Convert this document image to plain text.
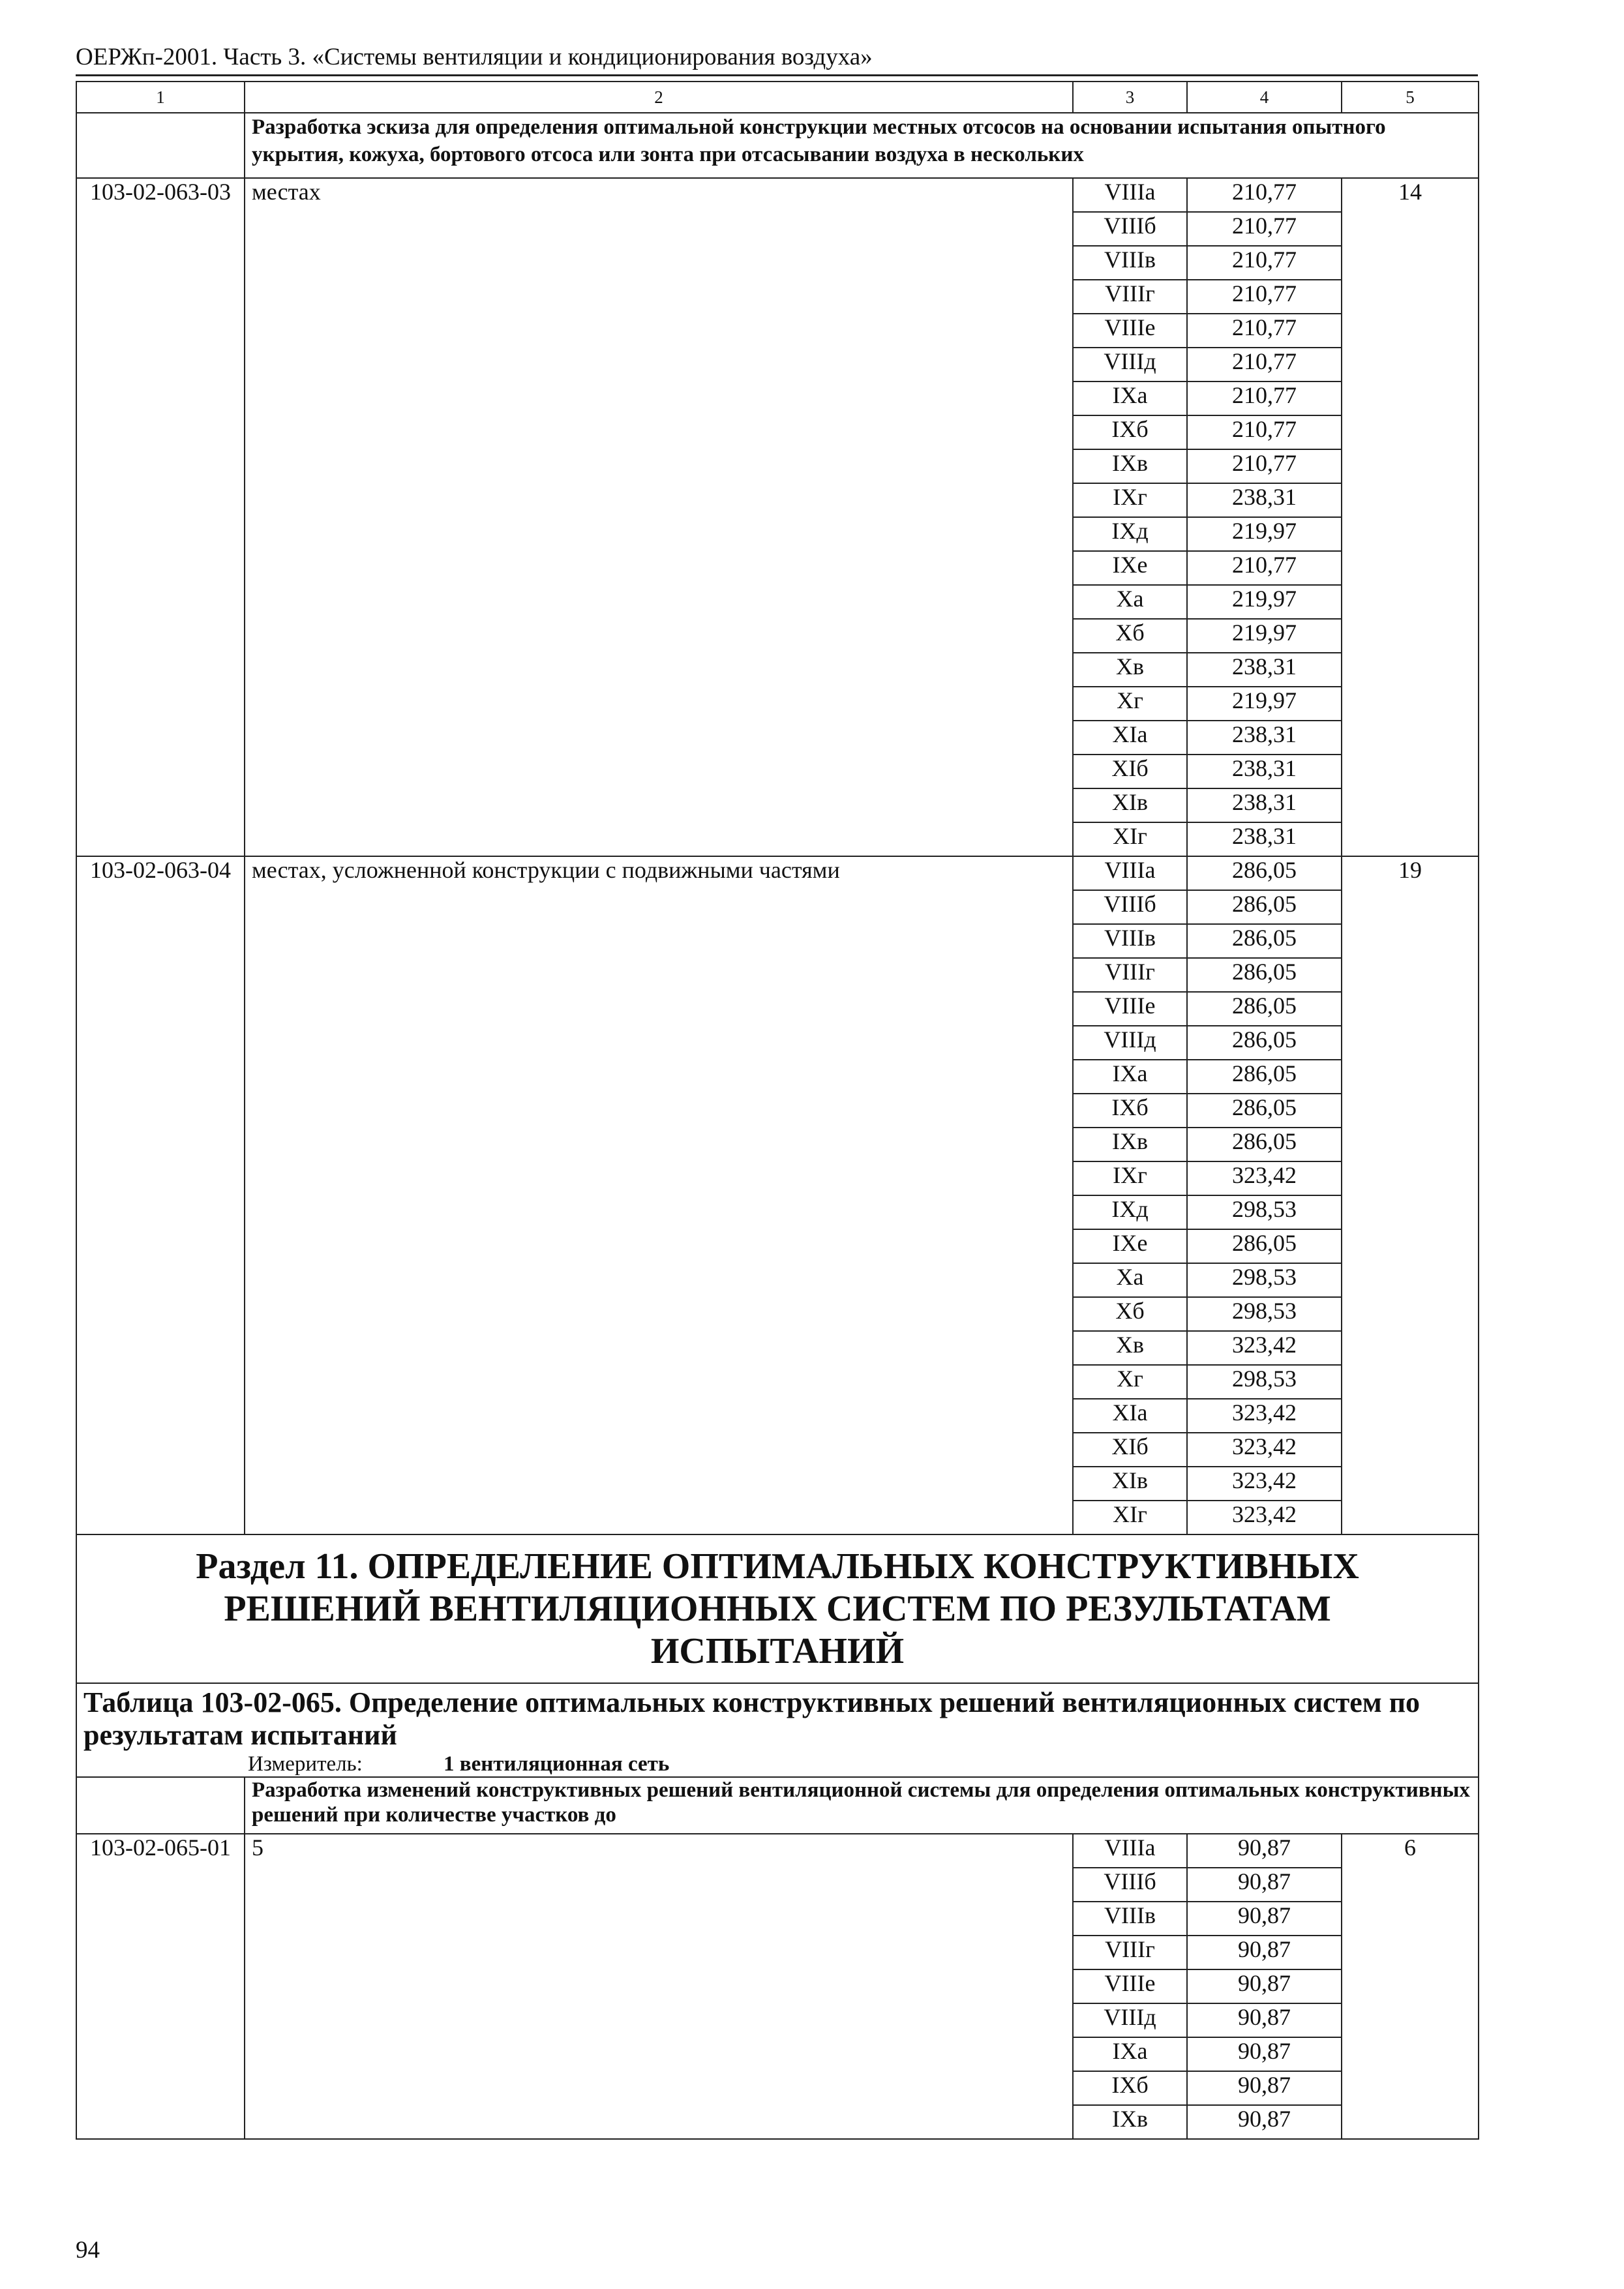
ОЕРЖп-2001. Часть 3. «Системы вентиляции и кондиционирования воздуха»
1	2	3	4	5
	Разработка эскиза для определения оптимальной конструкции местных отсосов на основании испытания опытного укрытия, кожуха, бортового отсоса или зонта при отсасывании воздуха в нескольких			
103-02-063-03	местах	VIIIa	210,77	14
		VIIIб	210,77	
		VIIIв	210,77	
		VIIIг	210,77	
		VIIIe	210,77	
		VIIIд	210,77	
		IXa	210,77	
		IXб	210,77	
		IXв	210,77	
		IXг	238,31	
		IXд	219,97	
		IXe	210,77	
		Xa	219,97	
		Xб	219,97	
		Xв	238,31	
		Xг	219,97	
		XIa	238,31	
		XIб	238,31	
		XIв	238,31	
		XIг	238,31	
103-02-063-04	местах, усложненной конструкции с подвижными частями	VIIIa	286,05	19
		VIIIб	286,05	
		VIIIв	286,05	
		VIIIг	286,05	
		VIIIe	286,05	
		VIIIд	286,05	
		IXa	286,05	
		IXб	286,05	
		IXв	286,05	
		IXг	323,42	
		IXд	298,53	
		IXe	286,05	
		Xa	298,53	
		Xб	298,53	
		Xв	323,42	
		Xг	298,53	
		XIa	323,42	
		XIб	323,42	
		XIв	323,42	
		XIг	323,42	
Раздел 11. ОПРЕДЕЛЕНИЕ ОПТИМАЛЬНЫХ КОНСТРУКТИВНЫХ РЕШЕНИЙ ВЕНТИЛЯЦИОННЫХ СИСТЕМ ПО РЕЗУЛЬТАТАМ ИСПЫТАНИЙ				
Таблица 103-02-065. Определение оптимальных конструктивных решений вентиляционных систем по результатам испытаний				
Измеритель: 1 вентиляционная сеть				
	Разработка изменений конструктивных решений вентиляционной системы для определения оптимальных конструктивных решений при количестве участков до			
103-02-065-01	5	VIIIa	90,87	6
		VIIIб	90,87	
		VIIIв	90,87	
		VIIIг	90,87	
		VIIIe	90,87	
		VIIIд	90,87	
		IXa	90,87	
		IXб	90,87	
		IXв	90,87	
94
